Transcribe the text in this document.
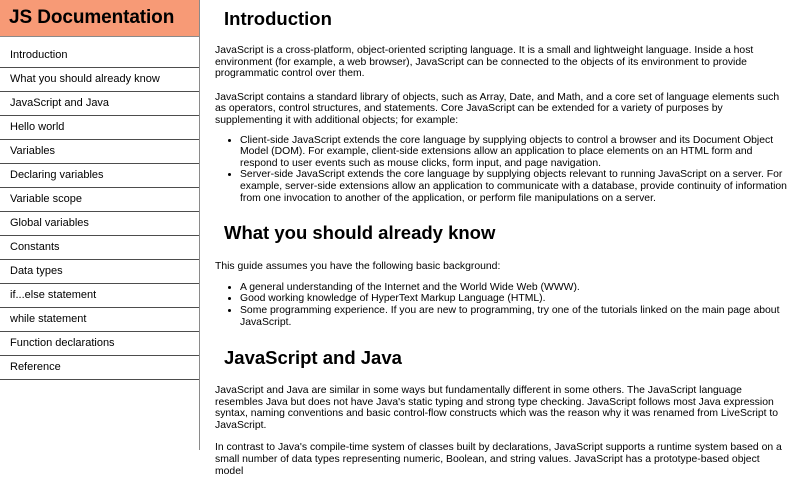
JS Documentation
Introduction
What you should already know
JavaScript and Java
Hello world
Variables
Declaring variables
Variable scope
Global variables
Constants
Data types
if...else statement
while statement
Function declarations
Reference
Introduction

JavaScript is a cross-platform, object-oriented scripting language. It is a small and lightweight language. Inside a host environment (for example, a web browser), JavaScript can be connected to the objects of its environment to provide programmatic control over them.

JavaScript contains a standard library of objects, such as Array, Date, and Math, and a core set of language elements such as operators, control structures, and statements. Core JavaScript can be extended for a variety of purposes by supplementing it with additional objects; for example:

• Client-side JavaScript extends the core language by supplying objects to control a browser and its Document Object Model (DOM). For example, client-side extensions allow an application to place elements on an HTML form and respond to user events such as mouse clicks, form input, and page navigation.
• Server-side JavaScript extends the core language by supplying objects relevant to running JavaScript on a server. For example, server-side extensions allow an application to communicate with a database, provide continuity of information from one invocation to another of the application, or perform file manipulations on a server.
What you should already know

This guide assumes you have the following basic background:

• A general understanding of the Internet and the World Wide Web (WWW).
• Good working knowledge of HyperText Markup Language (HTML).
• Some programming experience. If you are new to programming, try one of the tutorials linked on the main page about JavaScript.
JavaScript and Java

JavaScript and Java are similar in some ways but fundamentally different in some others. The JavaScript language resembles Java but does not have Java's static typing and strong type checking. JavaScript follows most Java expression syntax, naming conventions and basic control-flow constructs which was the reason why it was renamed from LiveScript to JavaScript.

In contrast to Java's compile-time system of classes built by declarations, JavaScript supports a runtime system based on a small number of data types representing numeric, Boolean, and string values. JavaScript has a prototype-based object model
